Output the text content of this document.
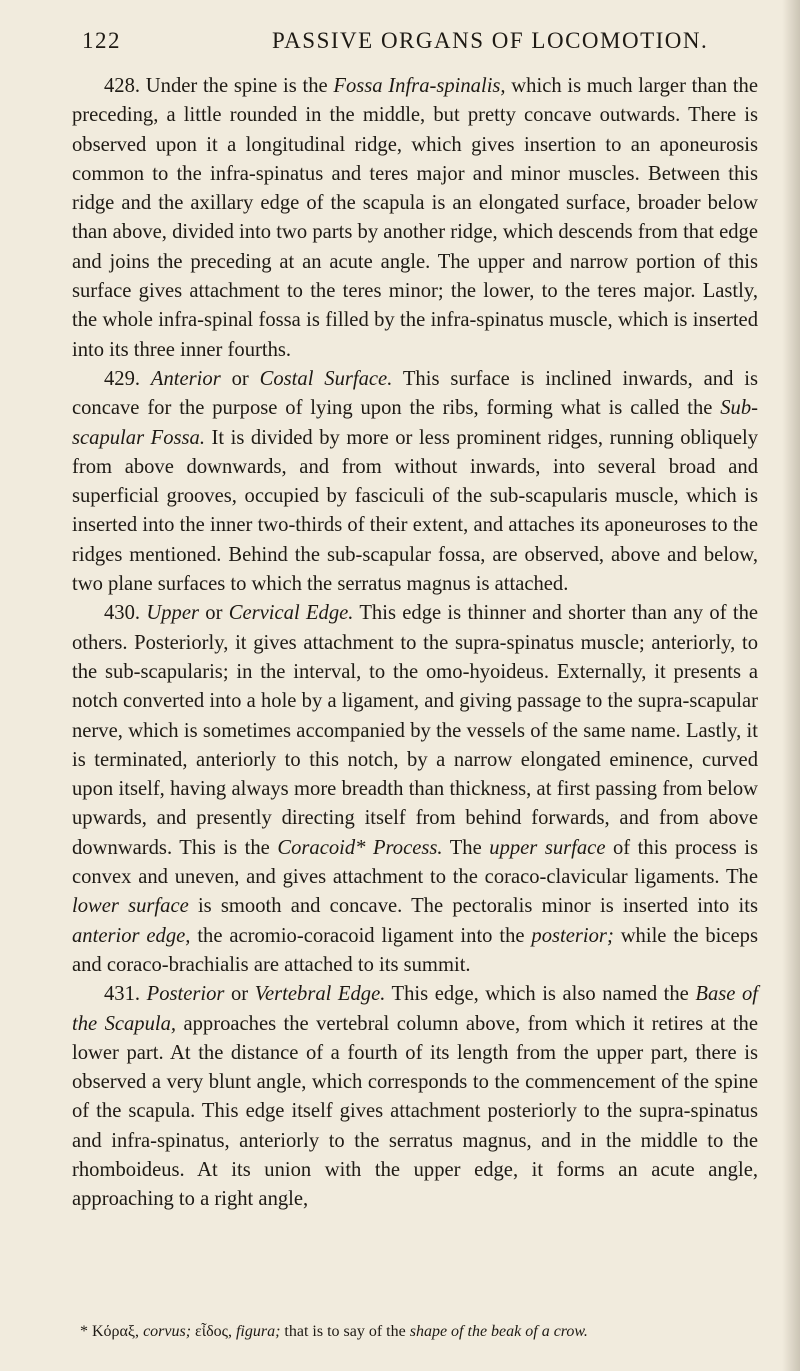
122	PASSIVE ORGANS OF LOCOMOTION.

428. Under the spine is the Fossa Infra-spinalis, which is much larger than the preceding, a little rounded in the middle, but pretty concave outwards. There is observed upon it a longitudinal ridge, which gives insertion to an aponeurosis common to the infra-spinatus and teres major and minor muscles. Between this ridge and the axillary edge of the scapula is an elongated surface, broader below than above, divided into two parts by another ridge, which descends from that edge and joins the preceding at an acute angle. The upper and narrow portion of this surface gives attachment to the teres minor; the lower, to the teres major. Lastly, the whole infra-spinal fossa is filled by the infra-spinatus muscle, which is inserted into its three inner fourths.

429. Anterior or Costal Surface. This surface is inclined inwards, and is concave for the purpose of lying upon the ribs, forming what is called the Sub-scapular Fossa. It is divided by more or less prominent ridges, running obliquely from above downwards, and from without inwards, into several broad and superficial grooves, occupied by fasciculi of the sub-scapularis muscle, which is inserted into the inner two-thirds of their extent, and attaches its aponeuroses to the ridges mentioned. Behind the sub-scapular fossa, are observed, above and below, two plane surfaces to which the serratus magnus is attached.

430. Upper or Cervical Edge. This edge is thinner and shorter than any of the others. Posteriorly, it gives attachment to the supra-spinatus muscle; anteriorly, to the sub-scapularis; in the interval, to the omo-hyoideus. Externally, it presents a notch converted into a hole by a ligament, and giving passage to the supra-scapular nerve, which is sometimes accompanied by the vessels of the same name. Lastly, it is terminated, anteriorly to this notch, by a narrow elongated eminence, curved upon itself, having always more breadth than thickness, at first passing from below upwards, and presently directing itself from behind forwards, and from above downwards. This is the Coracoid* Process. The upper surface of this process is convex and uneven, and gives attachment to the coraco-clavicular ligaments. The lower surface is smooth and concave. The pectoralis minor is inserted into its anterior edge, the acromio-coracoid ligament into the posterior; while the biceps and coraco-brachialis are attached to its summit.

431. Posterior or Vertebral Edge. This edge, which is also named the Base of the Scapula, approaches the vertebral column above, from which it retires at the lower part. At the distance of a fourth of its length from the upper part, there is observed a very blunt angle, which corresponds to the commencement of the spine of the scapula. This edge itself gives attachment posteriorly to the supra-spinatus and infra-spinatus, anteriorly to the serratus magnus, and in the middle to the rhomboideus. At its union with the upper edge, it forms an acute angle, approaching to a right angle,

* Κόραξ, corvus; εἶδος, figura; that is to say of the shape of the beak of a crow.
